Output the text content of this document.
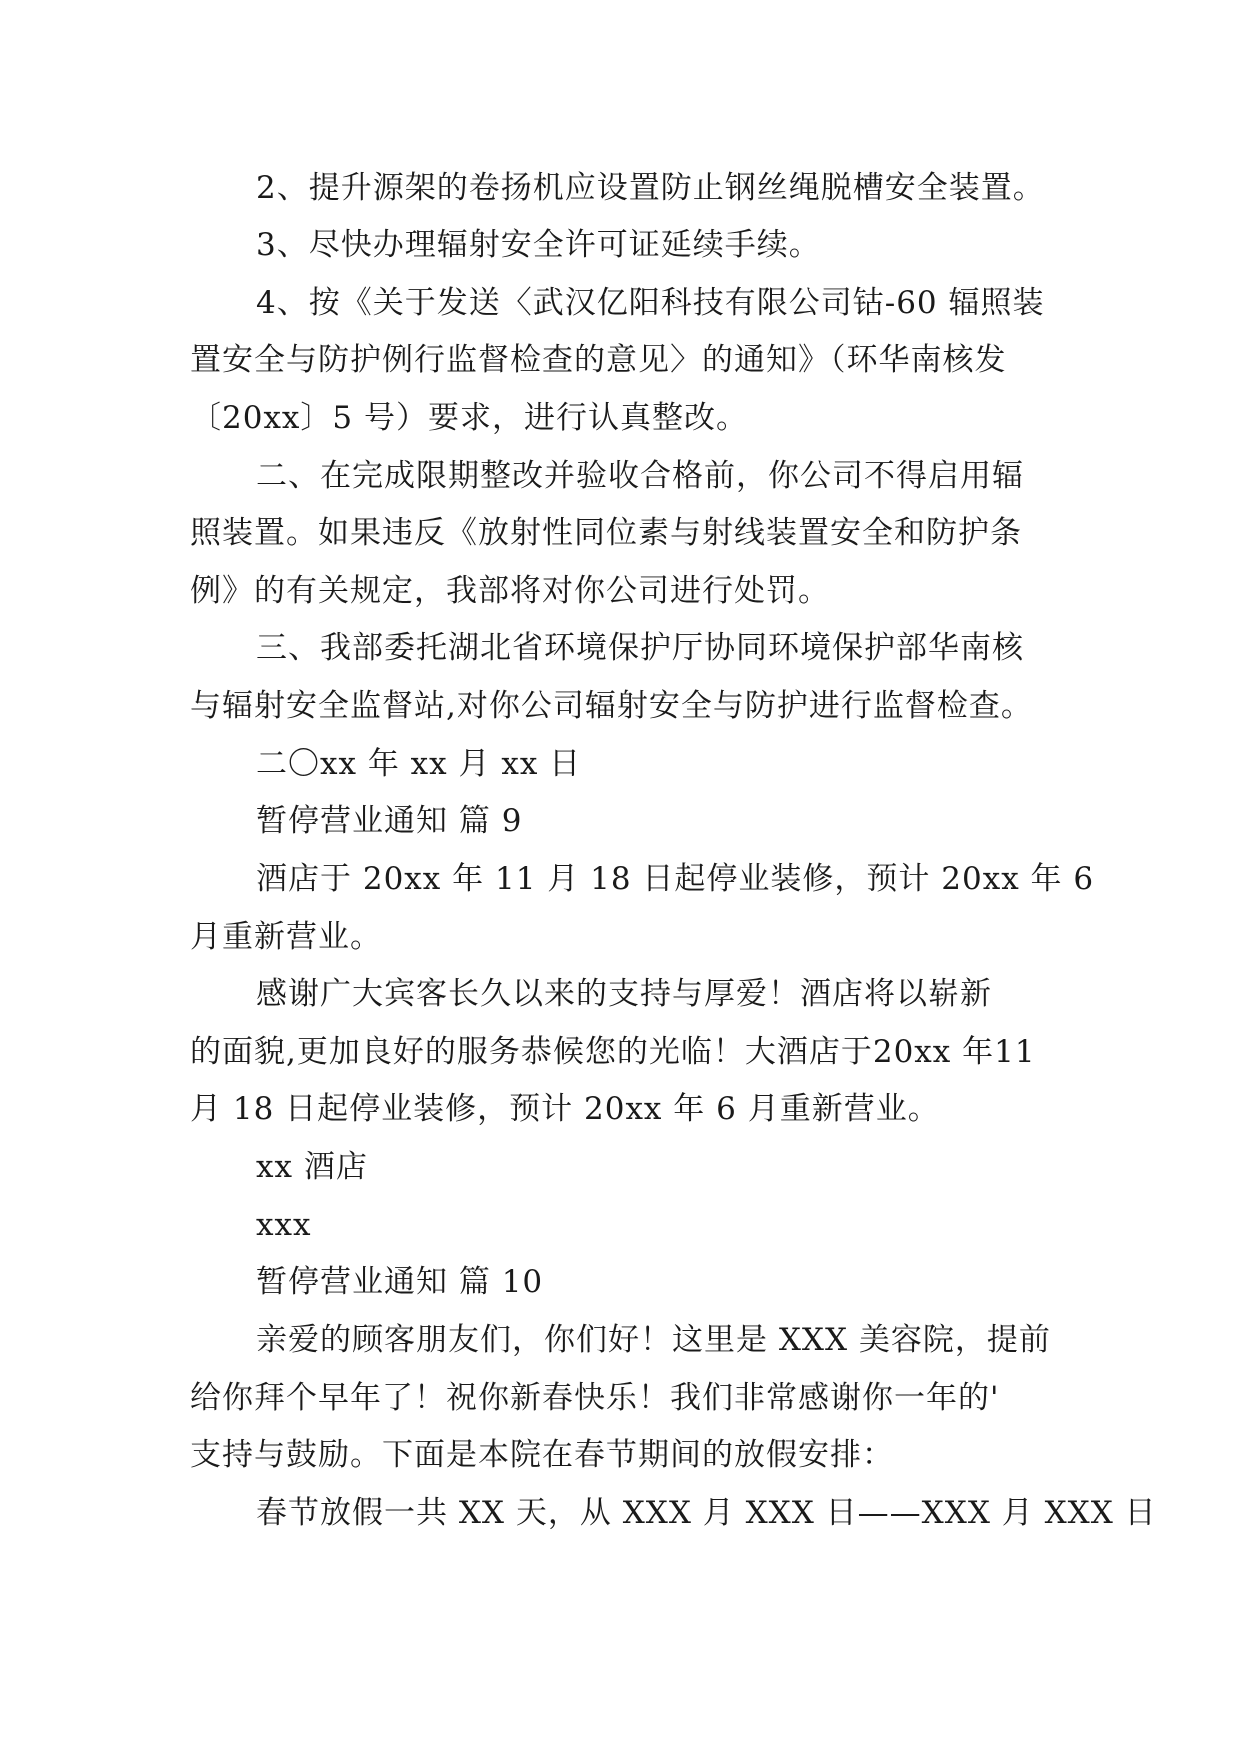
2、提升源架的卷扬机应设置防止钢丝绳脱槽安全装置。
3、尽快办理辐射安全许可证延续手续。
4、按《关于发送〈武汉亿阳科技有限公司钴-60 辐照装
置安全与防护例行监督检查的意见〉的通知》（环华南核发
〔20xx〕5 号）要求，进行认真整改。
二、在完成限期整改并验收合格前，你公司不得启用辐
照装置。如果违反《放射性同位素与射线装置安全和防护条
例》的有关规定，我部将对你公司进行处罚。
三、我部委托湖北省环境保护厅协同环境保护部华南核
与辐射安全监督站,对你公司辐射安全与防护进行监督检查。
二〇xx 年 xx 月 xx 日
暂停营业通知 篇 9
酒店于 20xx 年 11 月 18 日起停业装修，预计 20xx 年 6
月重新营业。
感谢广大宾客长久以来的支持与厚爱！酒店将以崭新
的面貌,更加良好的服务恭候您的光临！大酒店于20xx 年11
月 18 日起停业装修，预计 20xx 年 6 月重新营业。
xx 酒店
xxx
暂停营业通知 篇 10
亲爱的顾客朋友们，你们好！这里是 XXX 美容院，提前
给你拜个早年了！祝你新春快乐！我们非常感谢你一年的'
支持与鼓励。下面是本院在春节期间的放假安排：
春节放假一共 XX 天，从 XXX 月 XXX 日——XXX 月 XXX 日
